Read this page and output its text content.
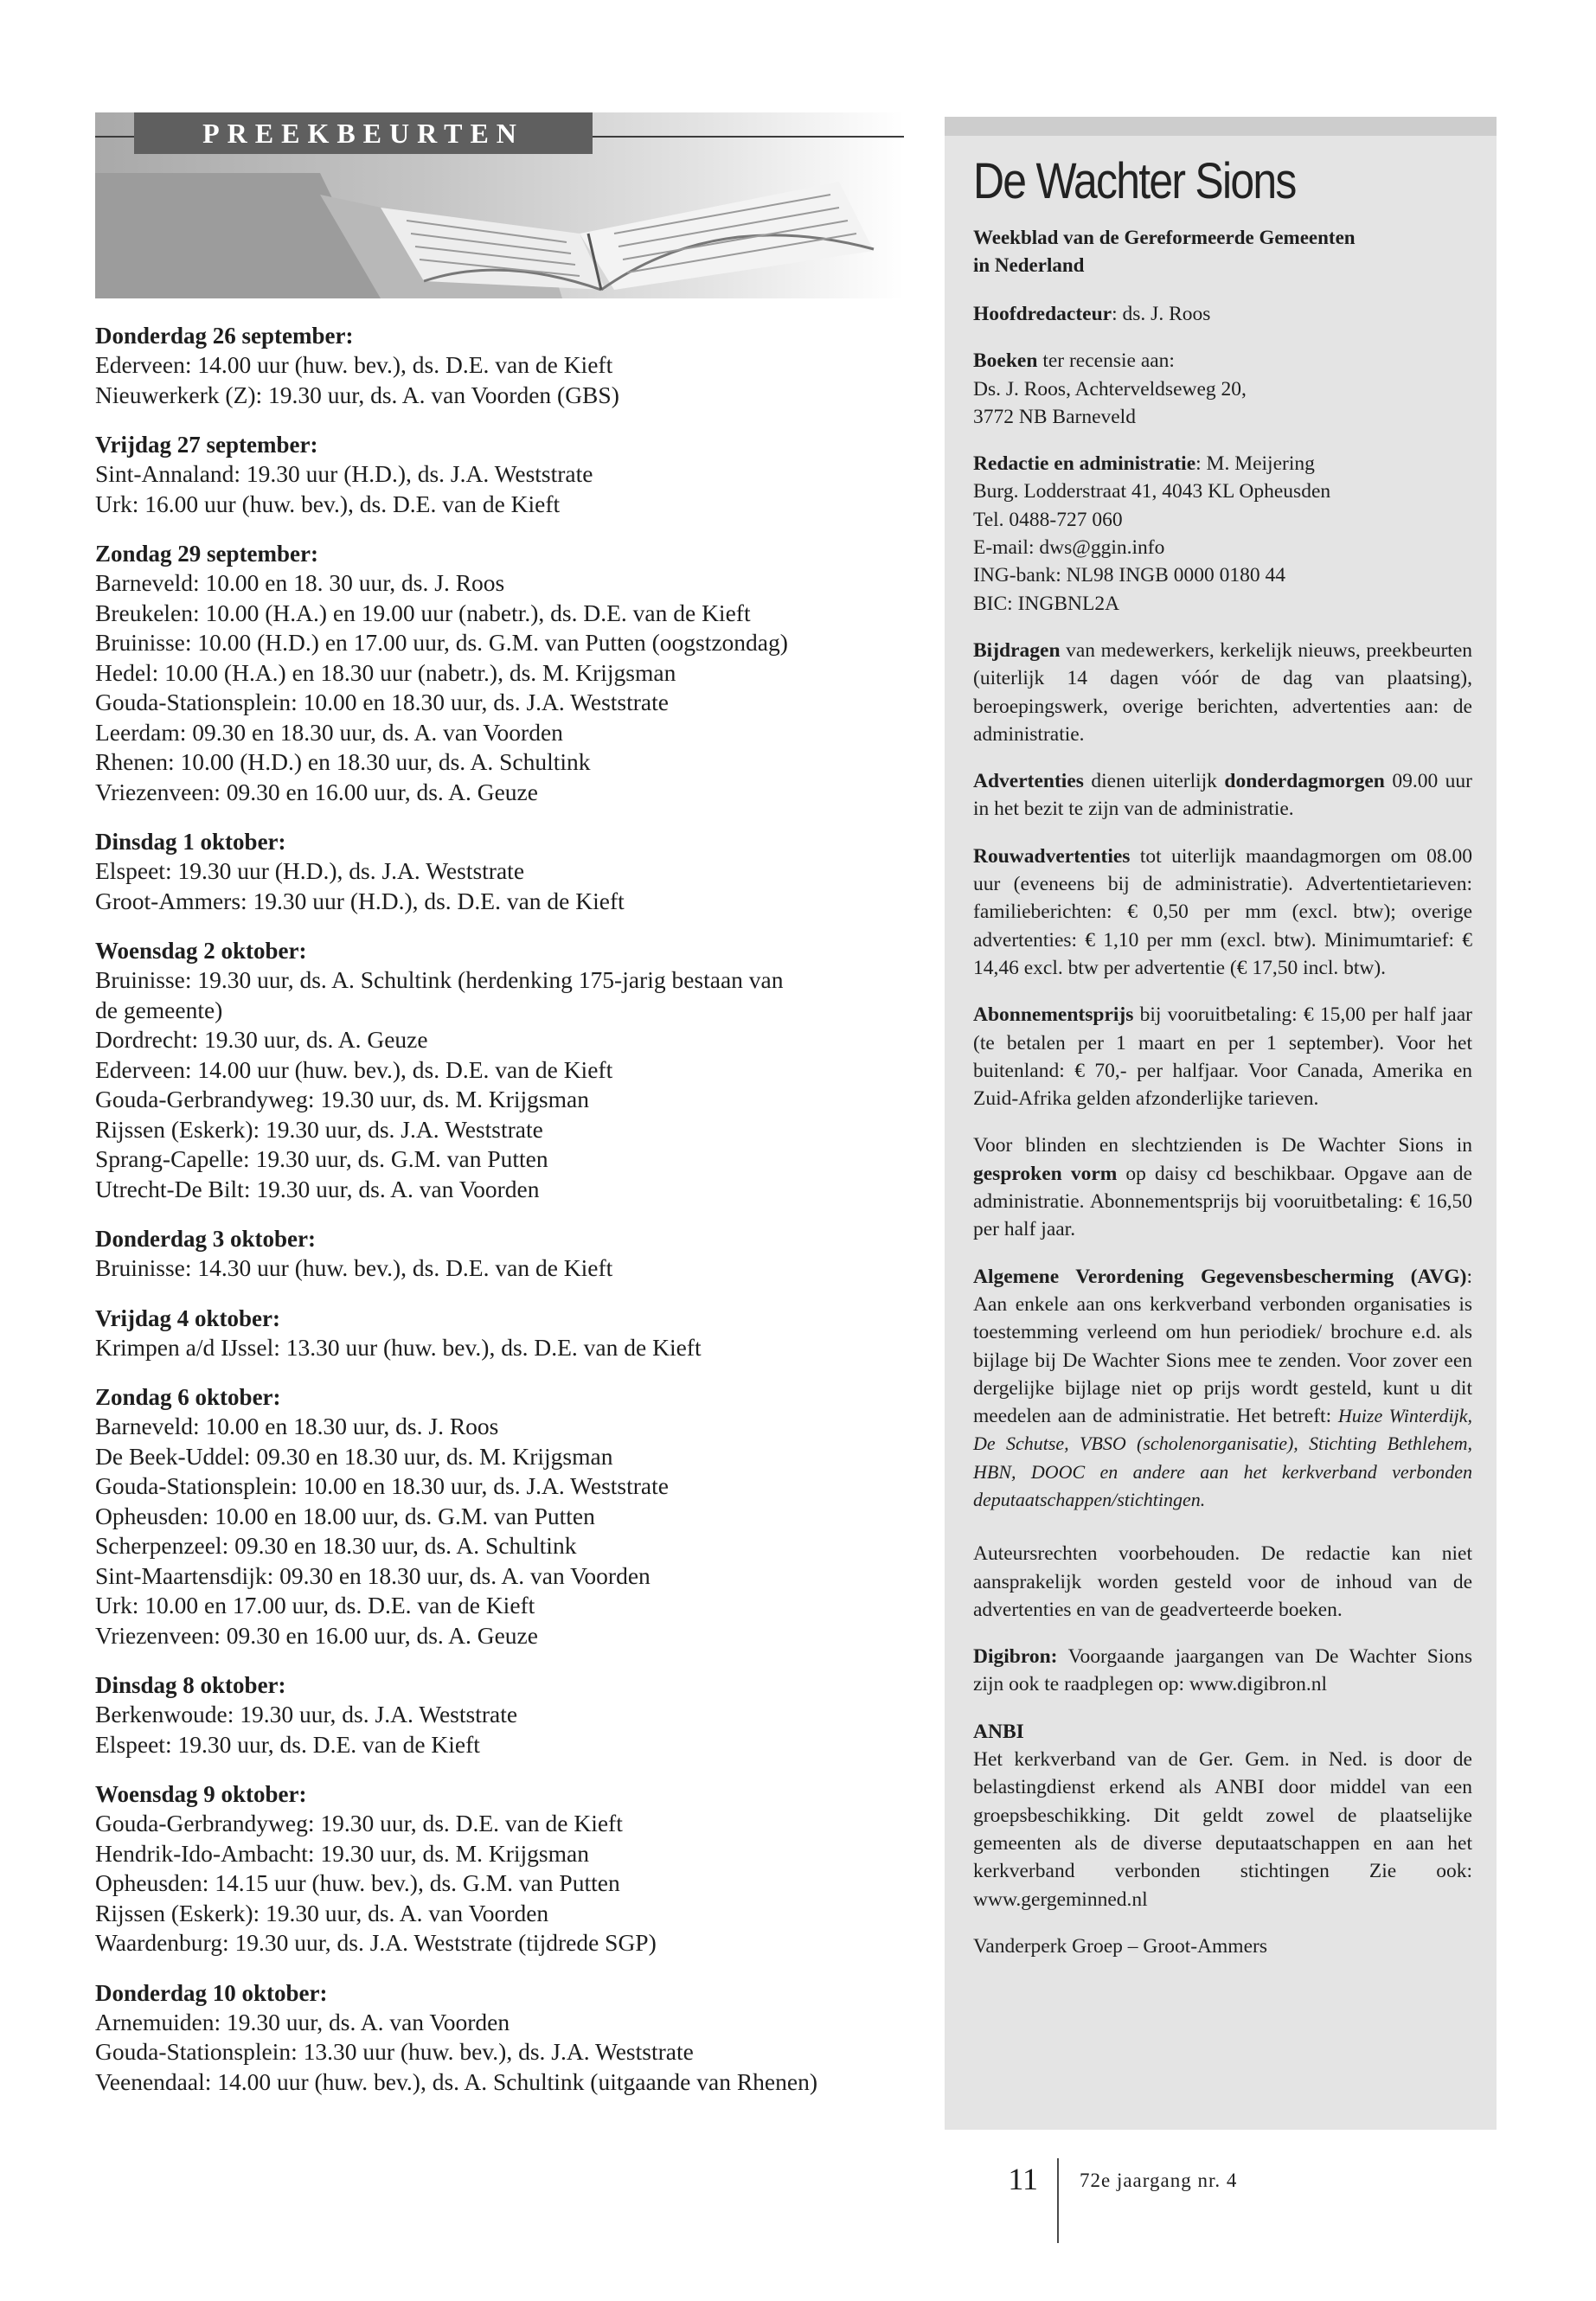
PREEKBEURTEN
Donderdag 26 september:
Ederveen: 14.00 uur (huw. bev.), ds. D.E. van de Kieft
Nieuwerkerk (Z): 19.30 uur, ds. A. van Voorden (GBS)
Vrijdag 27 september:
Sint-Annaland: 19.30 uur (H.D.), ds. J.A. Weststrate
Urk: 16.00 uur (huw. bev.), ds. D.E. van de Kieft
Zondag 29 september:
Barneveld: 10.00 en 18. 30 uur, ds. J. Roos
Breukelen: 10.00 (H.A.) en 19.00 uur (nabetr.), ds. D.E. van de Kieft
Bruinisse: 10.00 (H.D.) en 17.00 uur, ds. G.M. van Putten (oogstzondag)
Hedel: 10.00 (H.A.) en 18.30 uur (nabetr.), ds. M. Krijgsman
Gouda-Stationsplein: 10.00 en 18.30 uur, ds. J.A. Weststrate
Leerdam: 09.30 en 18.30 uur, ds. A. van Voorden
Rhenen: 10.00 (H.D.) en 18.30 uur, ds. A. Schultink
Vriezenveen: 09.30 en 16.00 uur, ds. A. Geuze
Dinsdag 1 oktober:
Elspeet: 19.30 uur (H.D.), ds. J.A. Weststrate
Groot-Ammers: 19.30 uur (H.D.), ds. D.E. van de Kieft
Woensdag 2 oktober:
Bruinisse: 19.30 uur, ds. A. Schultink (herdenking 175-jarig bestaan van
de gemeente)
Dordrecht: 19.30 uur, ds. A. Geuze
Ederveen: 14.00 uur (huw. bev.), ds. D.E. van de Kieft
Gouda-Gerbrandyweg: 19.30 uur, ds. M. Krijgsman
Rijssen (Eskerk): 19.30 uur, ds. J.A. Weststrate
Sprang-Capelle: 19.30 uur, ds. G.M. van Putten
Utrecht-De Bilt: 19.30 uur, ds. A. van Voorden
Donderdag 3 oktober:
Bruinisse: 14.30 uur (huw. bev.), ds. D.E. van de Kieft
Vrijdag 4 oktober:
Krimpen a/d IJssel: 13.30 uur (huw. bev.), ds. D.E. van de Kieft
Zondag 6 oktober:
Barneveld: 10.00 en 18.30 uur, ds. J. Roos
De Beek-Uddel: 09.30 en 18.30 uur, ds. M. Krijgsman
Gouda-Stationsplein: 10.00 en 18.30 uur, ds. J.A. Weststrate
Opheusden: 10.00 en 18.00 uur, ds. G.M. van Putten
Scherpenzeel: 09.30 en 18.30 uur, ds. A. Schultink
Sint-Maartensdijk: 09.30 en 18.30 uur, ds. A. van Voorden
Urk: 10.00 en 17.00 uur, ds. D.E. van de Kieft
Vriezenveen: 09.30 en 16.00 uur, ds. A. Geuze
Dinsdag 8 oktober:
Berkenwoude: 19.30 uur, ds. J.A. Weststrate
Elspeet: 19.30 uur, ds. D.E. van de Kieft
Woensdag 9 oktober:
Gouda-Gerbrandyweg: 19.30 uur, ds. D.E. van de Kieft
Hendrik-Ido-Ambacht: 19.30 uur, ds. M. Krijgsman
Opheusden: 14.15 uur (huw. bev.), ds. G.M. van Putten
Rijssen (Eskerk): 19.30 uur, ds. A. van Voorden
Waardenburg: 19.30 uur, ds. J.A. Weststrate (tijdrede SGP)
Donderdag 10 oktober:
Arnemuiden: 19.30 uur, ds. A. van Voorden
Gouda-Stationsplein: 13.30 uur (huw. bev.), ds. J.A. Weststrate
Veenendaal: 14.00 uur (huw. bev.), ds. A. Schultink (uitgaande van Rhenen)
De Wachter Sions
Weekblad van de Gereformeerde Gemeenten
in Nederland
Hoofdredacteur: ds. J. Roos
Boeken ter recensie aan:
Ds. J. Roos, Achterveldseweg 20,
3772 NB Barneveld
Redactie en administratie: M. Meijering
Burg. Lodderstraat 41, 4043 KL Opheusden
Tel. 0488-727 060
E-mail: dws@ggin.info
ING-bank: NL98 INGB 0000 0180 44
BIC: INGBNL2A
Bijdragen van medewerkers, kerkelijk nieuws, preekbeurten (uiterlijk 14 dagen vóór de dag van plaatsing), beroepingswerk, overige berichten, advertenties aan: de administratie.
Advertenties dienen uiterlijk donderdagmorgen 09.00 uur in het bezit te zijn van de administratie.
Rouwadvertenties tot uiterlijk maandagmorgen om 08.00 uur (eveneens bij de administratie). Advertentietarieven: familieberichten: € 0,50 per mm (excl. btw); overige advertenties: € 1,10 per mm (excl. btw). Minimumtarief: € 14,46 excl. btw per advertentie (€ 17,50 incl. btw).
Abonnementsprijs bij vooruitbetaling: € 15,00 per half jaar (te betalen per 1 maart en per 1 september). Voor het buitenland: € 70,- per halfjaar. Voor Canada, Amerika en Zuid-Afrika gelden afzonderlijke tarieven.
Voor blinden en slechtzienden is De Wachter Sions in gesproken vorm op daisy cd beschikbaar. Opgave aan de administratie. Abonnementsprijs bij vooruitbetaling: € 16,50 per half jaar.
Algemene Verordening Gegevensbescherming (AVG): Aan enkele aan ons kerkverband verbonden organisaties is toestemming verleend om hun periodiek/ brochure e.d. als bijlage bij De Wachter Sions mee te zenden. Voor zover een dergelijke bijlage niet op prijs wordt gesteld, kunt u dit meedelen aan de administratie. Het betreft: Huize Winterdijk, De Schutse, VBSO (scholenorganisatie), Stichting Bethlehem, HBN, DOOC en andere aan het kerkverband verbonden deputaatschappen/stichtingen.
Auteursrechten voorbehouden. De redactie kan niet aansprakelijk worden gesteld voor de inhoud van de advertenties en van de geadverteerde boeken.
Digibron: Voorgaande jaargangen van De Wachter Sions zijn ook te raadplegen op: www.digibron.nl
ANBI
Het kerkverband van de Ger. Gem. in Ned. is door de belastingdienst erkend als ANBI door middel van een groepsbeschikking. Dit geldt zowel de plaatselijke gemeenten als de diverse deputaatschappen en aan het kerkverband verbonden stichtingen Zie ook: www.gergeminned.nl
Vanderperk Groep – Groot-Ammers
11 72e jaargang nr. 4
